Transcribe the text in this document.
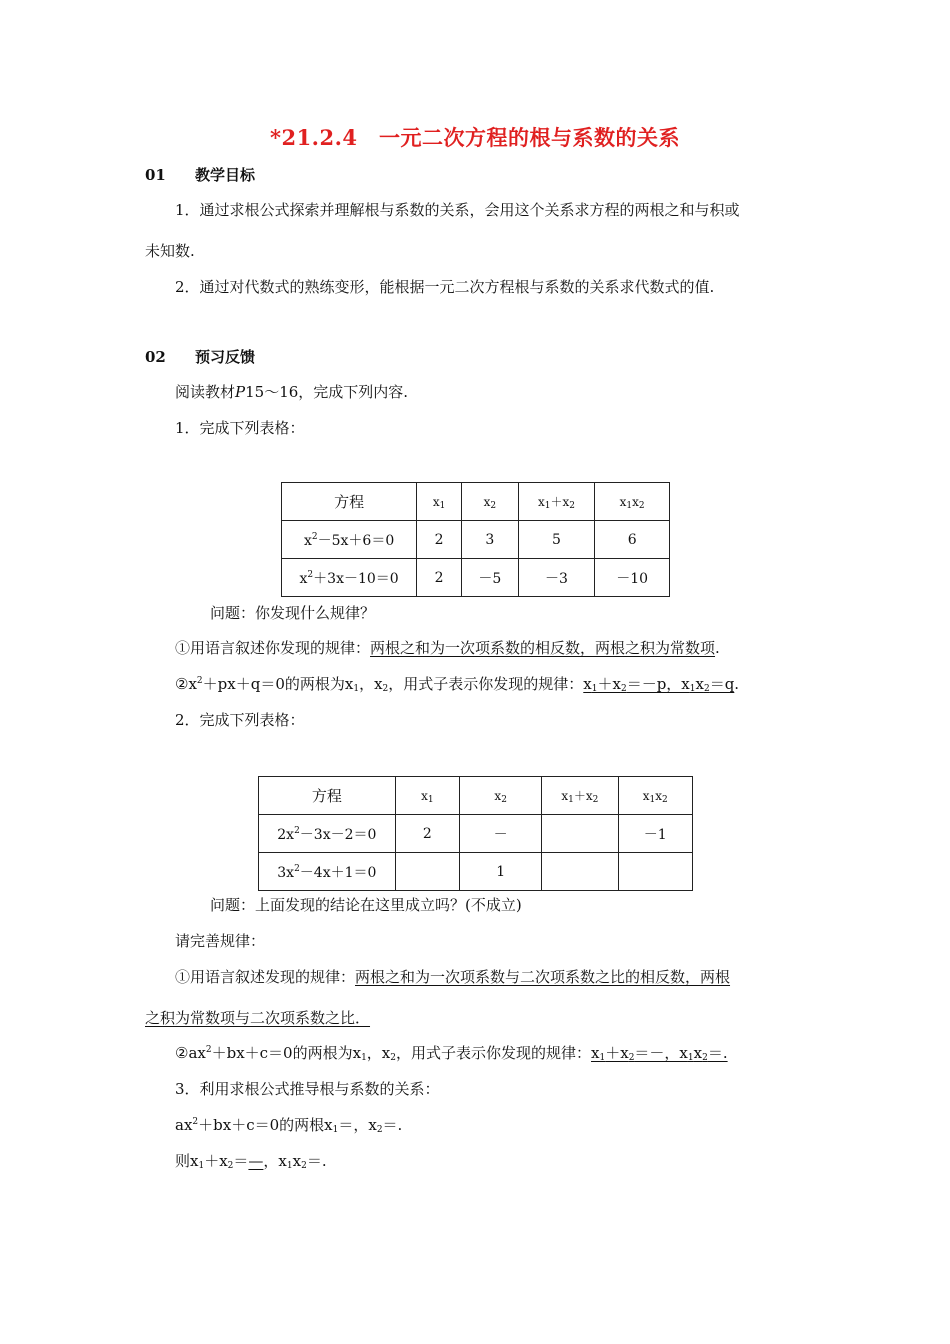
*21.2.4　一元二次方程的根与系数的关系
01 教学目标
1．通过求根公式探索并理解根与系数的关系，会用这个关系求方程的两根之和与积或
未知数.
2．通过对代数式的熟练变形，能根据一元二次方程根与系数的关系求代数式的值.
02 预习反馈
阅读教材P15～16，完成下列内容.
1．完成下列表格：
方程	$x_1$	$x_2$	$x_1+x_2$	$x_1x_2$
$x^2-5x+6=0$	2	3	5	6
$x^2+3x-10=0$	2	－5	－3	－10
问题：你发现什么规律？
①用语言叙述你发现的规律：两根之和为一次项系数的相反数，两根之积为常数项.
$②x^2+px+q=0$的两根为$x_1$，$x_2$，用式子表示你发现的规律：$x_1+x_2=-p$，$x_1x_2=q$.
2．完成下列表格：
方程	$x_1$	$x_2$	$x_1+x_2$	$x_1x_2$
$2x^2-3x-2=0$	2	－		－1
$3x^2-4x+1=0$		1		
问题：上面发现的结论在这里成立吗？(不成立)
请完善规律：
①用语言叙述发现的规律：两根之和为一次项系数与二次项系数之比的相反数，两根
之积为常数项与二次项系数之比．
$②ax^2+bx+c=0$的两根为$x_1$，$x_2$，用式子表示你发现的规律：$x_1+x_2=-$，$x_1x_2=$.
3．利用求根公式推导根与系数的关系：
$ax^2+bx+c=0$的两根$x_1=$，$x_2=$.
则$x_1+x_2=—$，$x_1x_2=$.
